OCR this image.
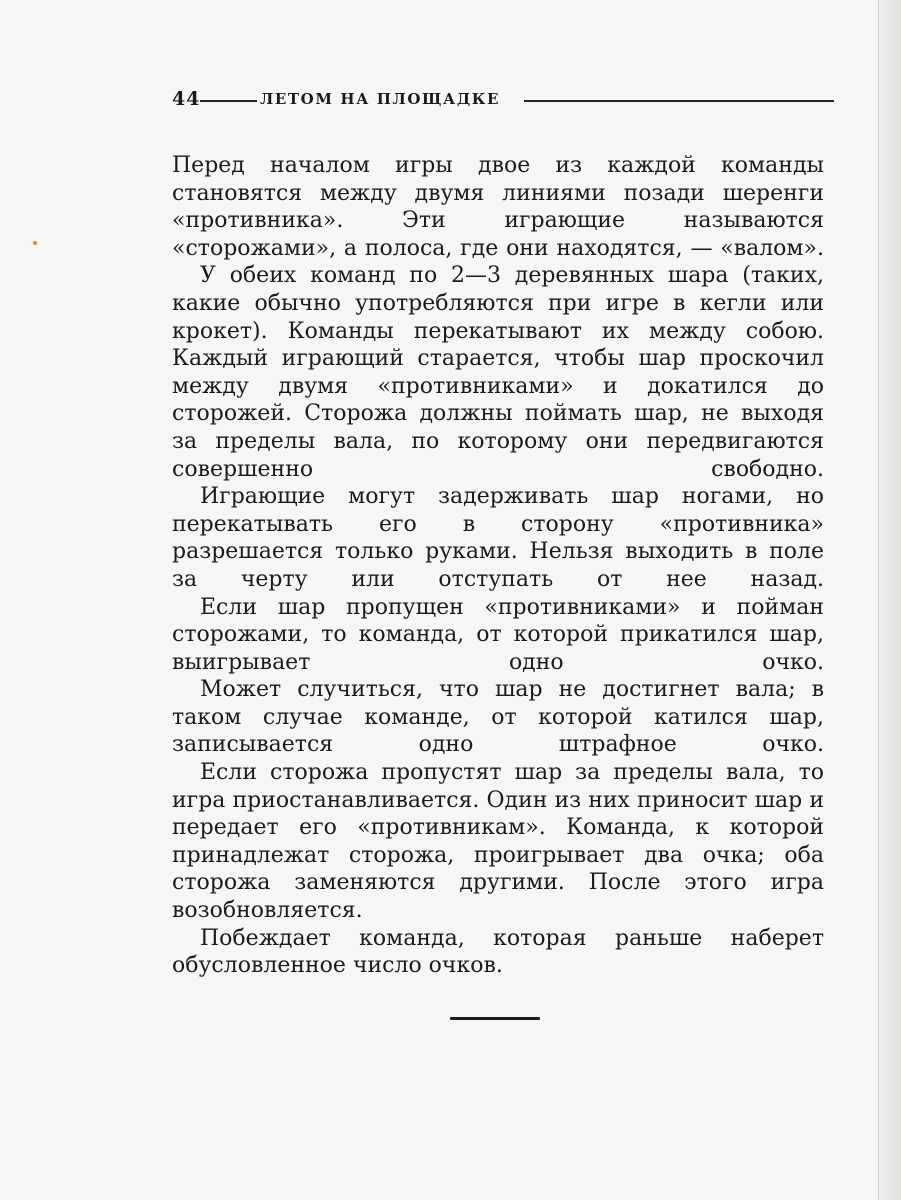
44	ЛЕТОМ НА ПЛОЩАДКЕ

Перед началом игры двое из каждой команды становятся между двумя линиями позади шеренги «противника». Эти играющие называются «сторожами», а полоса, где они находятся, — «валом».

У обеих команд по 2—3 деревянных шара (таких, какие обычно употребляются при игре в кегли или крокет). Команды перекатывают их между собою. Каждый играющий старается, чтобы шар проскочил между двумя «противниками» и докатился до сторожей. Сторожа должны поймать шар, не выходя за пределы вала, по которому они передвигаются совершенно свободно.

Играющие могут задерживать шар ногами, но перекатывать его в сторону «противника» разрешается только руками. Нельзя выходить в поле за черту или отступать от нее назад.

Если шар пропущен «противниками» и пойман сторожами, то команда, от которой прикатился шар, выигрывает одно очко.

Может случиться, что шар не достигнет вала; в таком случае команде, от которой катился шар, записывается одно штрафное очко.

Если сторожа пропустят шар за пределы вала, то игра приостанавливается. Один из них приносит шар и передает его «противникам». Команда, к которой принадлежат сторожа, проигрывает два очка; оба сторожа заменяются другими. После этого игра возобновляется.

Побеждает команда, которая раньше наберет обусловленное число очков.
